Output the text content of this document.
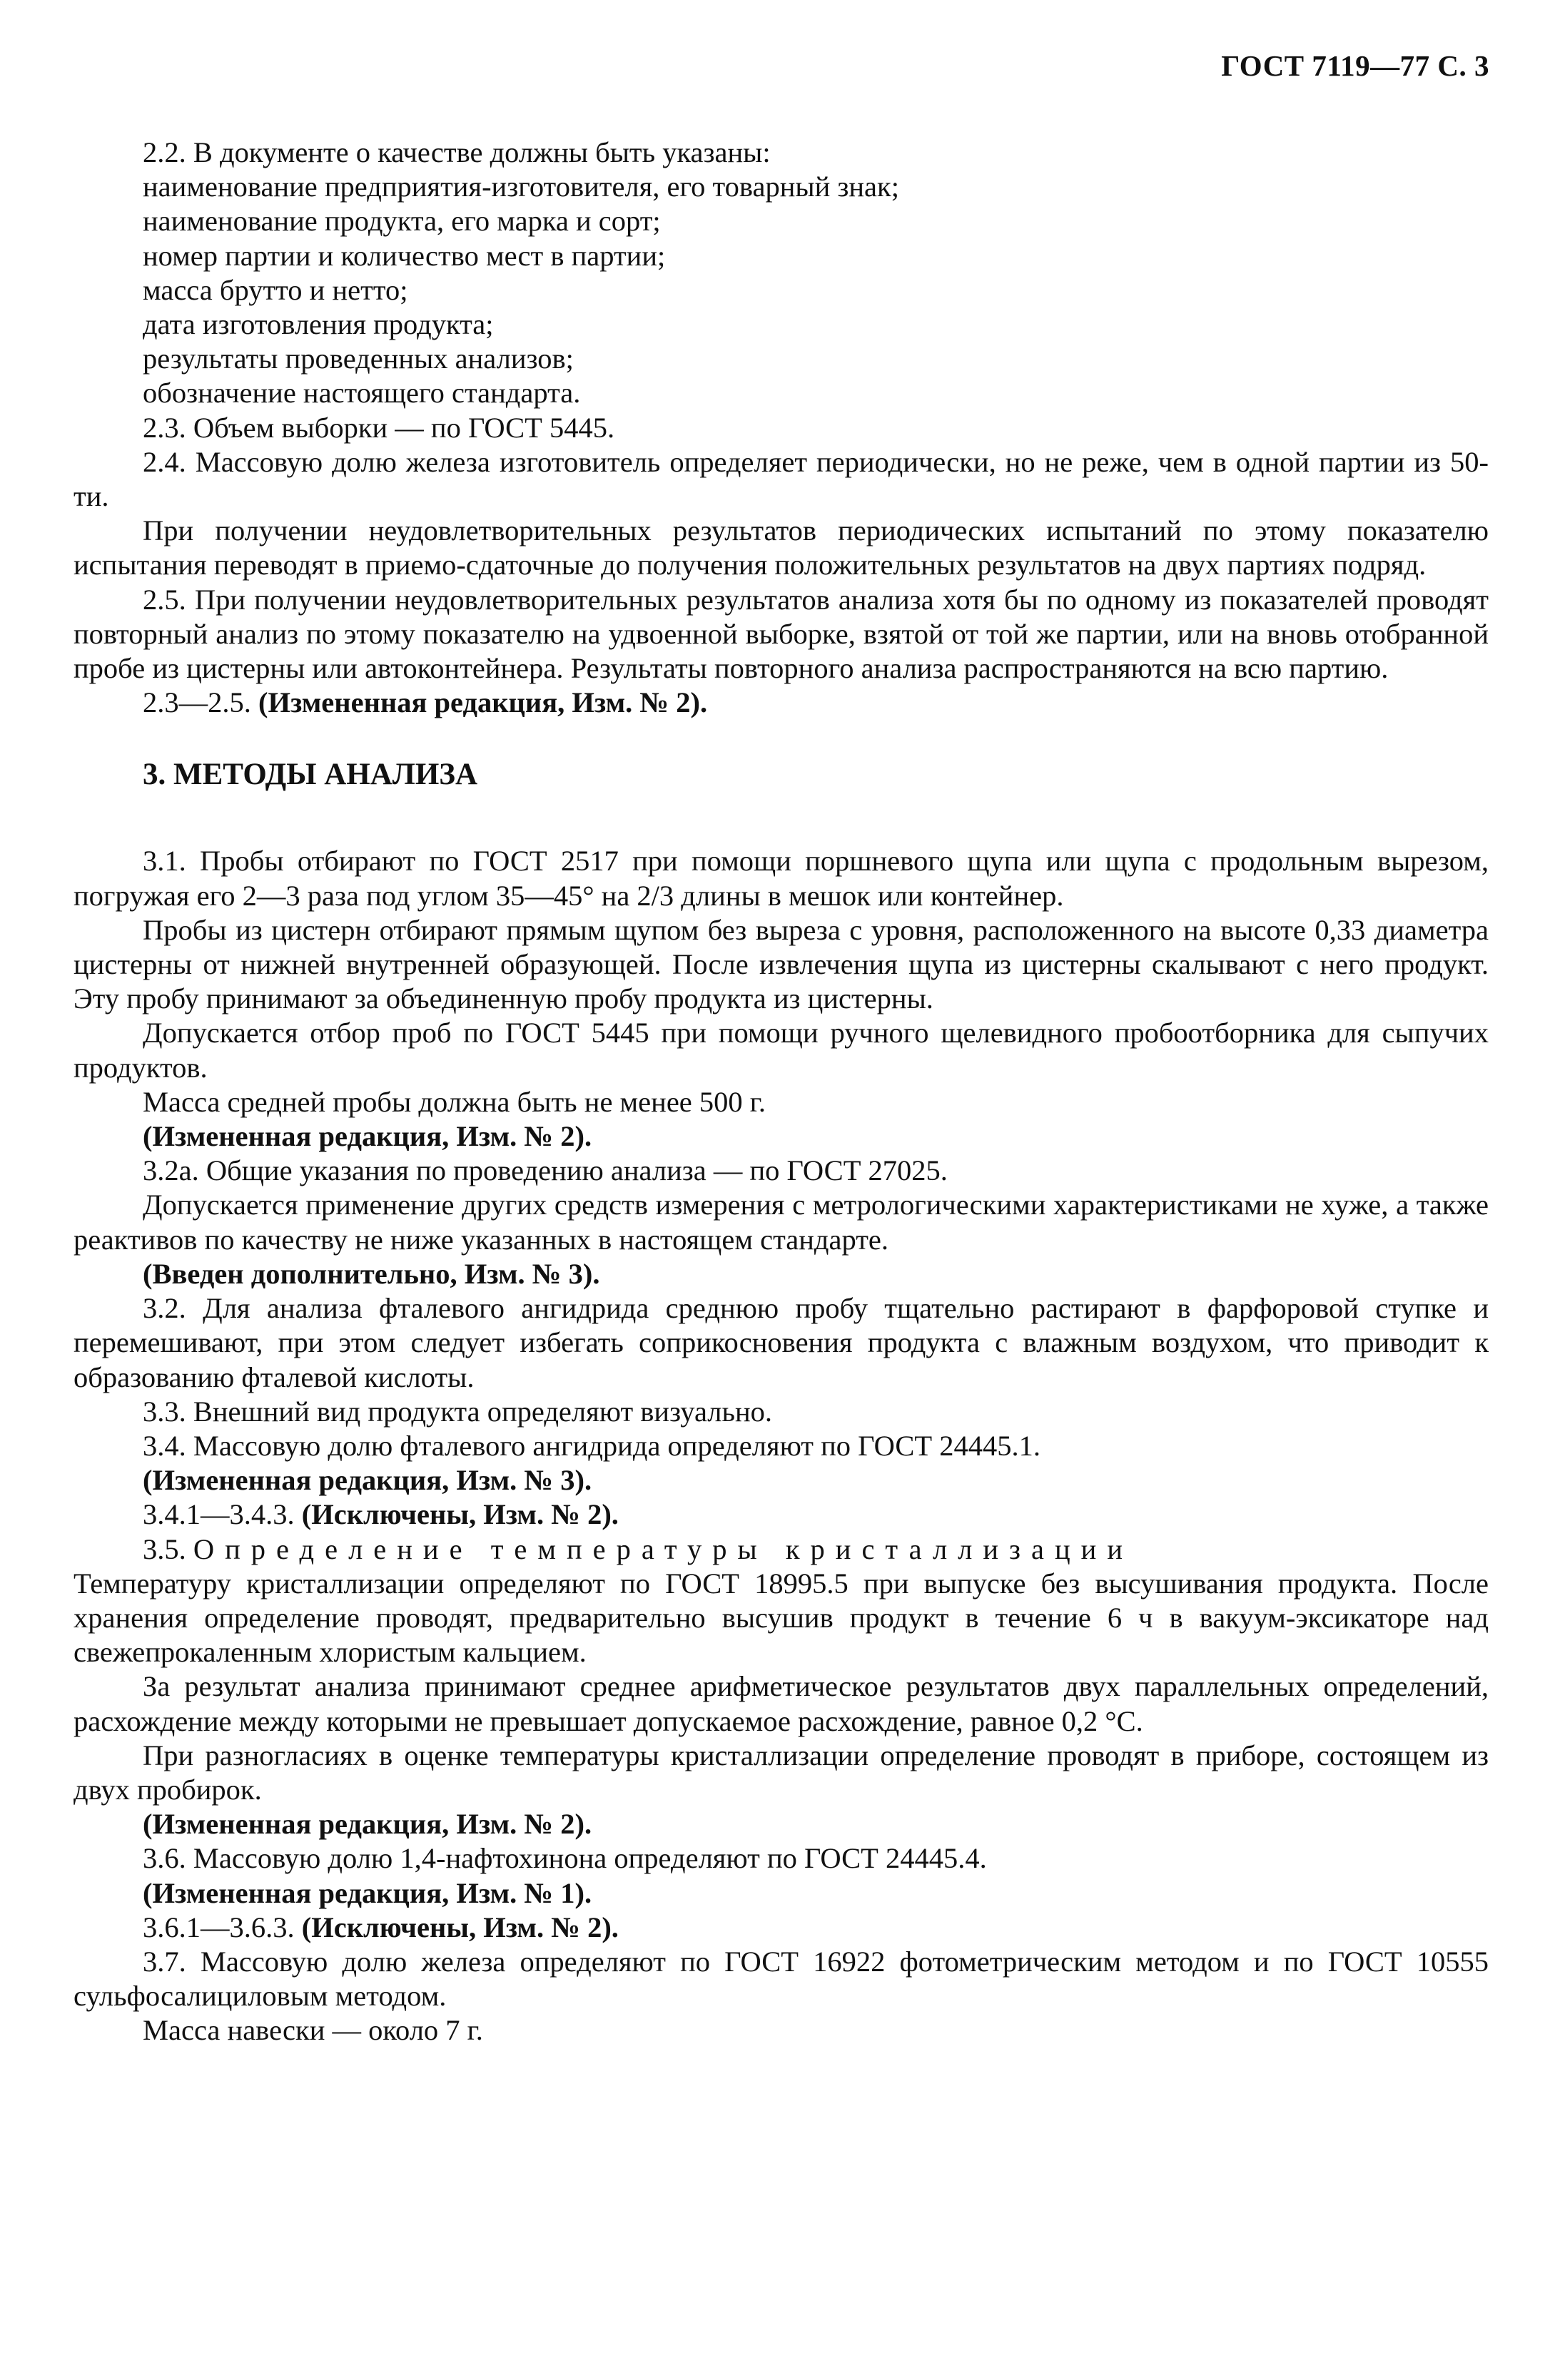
ГОСТ 7119—77 С. 3

2.2. В документе о качестве должны быть указаны:

наименование предприятия-изготовителя, его товарный знак;

наименование продукта, его марка и сорт;

номер партии и количество мест в партии;

масса брутто и нетто;

дата изготовления продукта;

результаты проведенных анализов;

обозначение настоящего стандарта.

2.3. Объем выборки — по ГОСТ 5445.

2.4. Массовую долю железа изготовитель определяет периодически, но не реже, чем в одной партии из 50-ти.

При получении неудовлетворительных результатов периодических испытаний по этому показателю испытания переводят в приемо-сдаточные до получения положительных результатов на двух партиях подряд.

2.5. При получении неудовлетворительных результатов анализа хотя бы по одному из показателей проводят повторный анализ по этому показателю на удвоенной выборке, взятой от той же партии, или на вновь отобранной пробе из цистерны или автоконтейнера. Результаты повторного анализа распространяются на всю партию.

2.3—2.5. (Измененная редакция, Изм. № 2).

3. МЕТОДЫ АНАЛИЗА

3.1. Пробы отбирают по ГОСТ 2517 при помощи поршневого щупа или щупа с продольным вырезом, погружая его 2—3 раза под углом 35—45° на 2/3 длины в мешок или контейнер.

Пробы из цистерн отбирают прямым щупом без выреза с уровня, расположенного на высоте 0,33 диаметра цистерны от нижней внутренней образующей. После извлечения щупа из цистерны скалывают с него продукт. Эту пробу принимают за объединенную пробу продукта из цистерны.

Допускается отбор проб по ГОСТ 5445 при помощи ручного щелевидного пробоотборника для сыпучих продуктов.

Масса средней пробы должна быть не менее 500 г.

(Измененная редакция, Изм. № 2).

3.2а. Общие указания по проведению анализа — по ГОСТ 27025.

Допускается применение других средств измерения с метрологическими характеристиками не хуже, а также реактивов по качеству не ниже указанных в настоящем стандарте.

(Введен дополнительно, Изм. № 3).

3.2. Для анализа фталевого ангидрида среднюю пробу тщательно растирают в фарфоровой ступке и перемешивают, при этом следует избегать соприкосновения продукта с влажным воздухом, что приводит к образованию фталевой кислоты.

3.3. Внешний вид продукта определяют визуально.

3.4. Массовую долю фталевого ангидрида определяют по ГОСТ 24445.1.

(Измененная редакция, Изм. № 3).

3.4.1—3.4.3. (Исключены, Изм. № 2).

3.5. Определение температуры кристаллизации

Температуру кристаллизации определяют по ГОСТ 18995.5 при выпуске без высушивания продукта. После хранения определение проводят, предварительно высушив продукт в течение 6 ч в вакуум-эксикаторе над свежепрокаленным хлористым кальцием.

За результат анализа принимают среднее арифметическое результатов двух параллельных определений, расхождение между которыми не превышает допускаемое расхождение, равное 0,2 °С.

При разногласиях в оценке температуры кристаллизации определение проводят в приборе, состоящем из двух пробирок.

(Измененная редакция, Изм. № 2).

3.6. Массовую долю 1,4-нафтохинона определяют по ГОСТ 24445.4.

(Измененная редакция, Изм. № 1).

3.6.1—3.6.3. (Исключены, Изм. № 2).

3.7. Массовую долю железа определяют по ГОСТ 16922 фотометрическим методом и по ГОСТ 10555 сульфосалициловым методом.

Масса навески — около 7 г.
